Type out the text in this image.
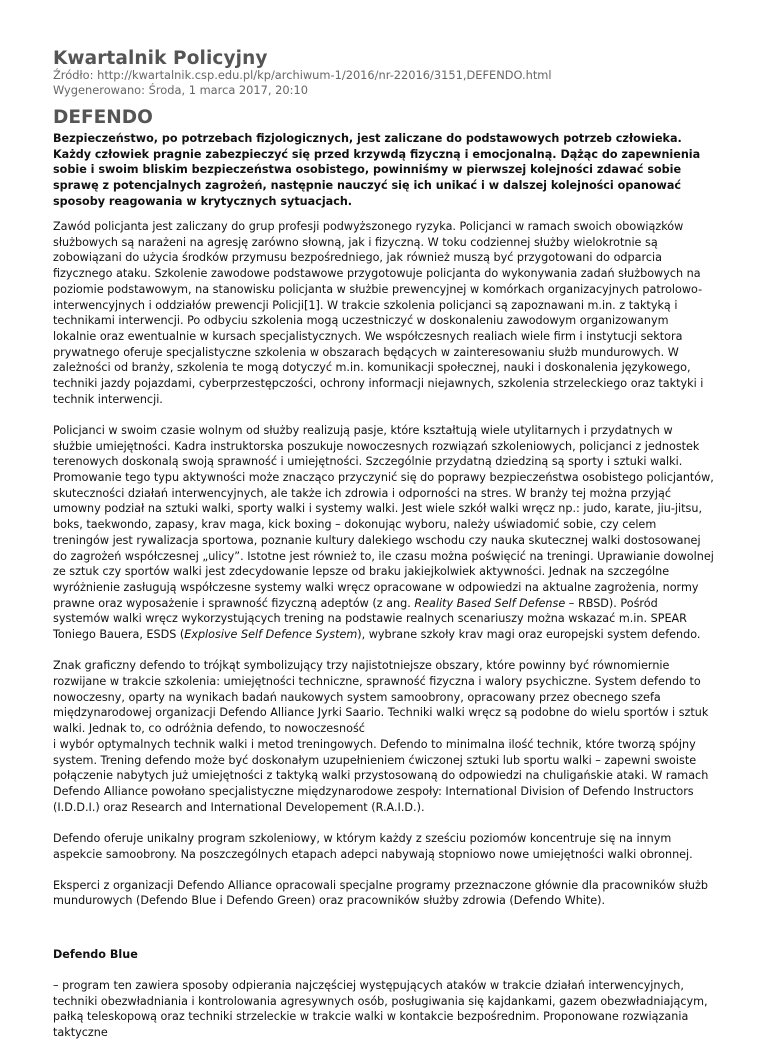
Kwartalnik Policyjny
Źródło: http://kwartalnik.csp.edu.pl/kp/archiwum-1/2016/nr-22016/3151,DEFENDO.html
Wygenerowano: Środa, 1 marca 2017, 20:10
DEFENDO

Bezpieczeństwo, po potrzebach fizjologicznych, jest zaliczane do podstawowych potrzeb człowieka. Każdy człowiek pragnie zabezpieczyć się przed krzywdą fizyczną i emocjonalną. Dążąc do zapewnienia sobie i swoim bliskim bezpieczeństwa osobistego, powinniśmy w pierwszej kolejności zdawać sobie sprawę z potencjalnych zagrożeń, następnie nauczyć się ich unikać i w dalszej kolejności opanować sposoby reagowania w krytycznych sytuacjach.

Zawód policjanta jest zaliczany do grup profesji podwyższonego ryzyka. Policjanci w ramach swoich obowiązków służbowych są narażeni na agresję zarówno słowną, jak i fizyczną. W toku codziennej służby wielokrotnie są zobowiązani do użycia środków przymusu bezpośredniego, jak również muszą być przygotowani do odparcia fizycznego ataku. Szkolenie zawodowe podstawowe przygotowuje policjanta do wykonywania zadań służbowych na poziomie podstawowym, na stanowisku policjanta w służbie prewencyjnej w komórkach organizacyjnych patrolowo-interwencyjnych i oddziałów prewencji Policji[1]. W trakcie szkolenia policjanci są zapoznawani m.in. z taktyką i technikami interwencji. Po odbyciu szkolenia mogą uczestniczyć w doskonaleniu zawodowym organizowanym lokalnie oraz ewentualnie w kursach specjalistycznych. We współczesnych realiach wiele firm i instytucji sektora prywatnego oferuje specjalistyczne szkolenia w obszarach będących w zainteresowaniu służb mundurowych. W zależności od branży, szkolenia te mogą dotyczyć m.in. komunikacji społecznej, nauki i doskonalenia językowego, techniki jazdy pojazdami, cyberprzestępczości, ochrony informacji niejawnych, szkolenia strzeleckiego oraz taktyki i technik interwencji.

Policjanci w swoim czasie wolnym od służby realizują pasje, które kształtują wiele utylitarnych i przydatnych w służbie umiejętności. Kadra instruktorska poszukuje nowoczesnych rozwiązań szkoleniowych, policjanci z jednostek terenowych doskonalą swoją sprawność i umiejętności. Szczególnie przydatną dziedziną są sporty i sztuki walki. Promowanie tego typu aktywności może znacząco przyczynić się do poprawy bezpieczeństwa osobistego policjantów, skuteczności działań interwencyjnych, ale także ich zdrowia i odporności na stres. W branży tej można przyjąć umowny podział na sztuki walki, sporty walki i systemy walki. Jest wiele szkół walki wręcz np.: judo, karate, jiu-jitsu, boks, taekwondo, zapasy, krav maga, kick boxing – dokonując wyboru, należy uświadomić sobie, czy celem treningów jest rywalizacja sportowa, poznanie kultury dalekiego wschodu czy nauka skutecznej walki dostosowanej do zagrożeń współczesnej „ulicy”. Istotne jest również to, ile czasu można poświęcić na treningi. Uprawianie dowolnej ze sztuk czy sportów walki jest zdecydowanie lepsze od braku jakiejkolwiek aktywności. Jednak na szczególne wyróżnienie zasługują współczesne systemy walki wręcz opracowane w odpowiedzi na aktualne zagrożenia, normy prawne oraz wyposażenie i sprawność fizyczną adeptów (z ang. Reality Based Self Defense – RBSD). Pośród systemów walki wręcz wykorzystujących trening na podstawie realnych scenariuszy można wskazać m.in. SPEAR Toniego Bauera, ESDS (Explosive Self Defence System), wybrane szkoły krav magi oraz europejski system defendo.

Znak graficzny defendo to trójkąt symbolizujący trzy najistotniejsze obszary, które powinny być równomiernie rozwijane w trakcie szkolenia: umiejętności techniczne, sprawność fizyczna i walory psychiczne. System defendo to nowoczesny, oparty na wynikach badań naukowych system samoobrony, opracowany przez obecnego szefa międzynarodowej organizacji Defendo Alliance Jyrki Saario. Techniki walki wręcz są podobne do wielu sportów i sztuk walki. Jednak to, co odróżnia defendo, to nowoczesność

i wybór optymalnych technik walki i metod treningowych. Defendo to minimalna ilość technik, które tworzą spójny system. Trening defendo może być doskonałym uzupełnieniem ćwiczonej sztuki lub sportu walki – zapewni swoiste połączenie nabytych już umiejętności z taktyką walki przystosowaną do odpowiedzi na chuligańskie ataki. W ramach Defendo Alliance powołano specjalistyczne międzynarodowe zespoły: International Division of Defendo Instructors (I.D.D.I.) oraz Research and International Developement (R.A.I.D.).

Defendo oferuje unikalny program szkoleniowy, w którym każdy z sześciu poziomów koncentruje się na innym aspekcie samoobrony. Na poszczególnych etapach adepci nabywają stopniowo nowe umiejętności walki obronnej.

Eksperci z organizacji Defendo Alliance opracowali specjalne programy przeznaczone głównie dla pracowników służb mundurowych (Defendo Blue i Defendo Green) oraz pracowników służby zdrowia (Defendo White).

Defendo Blue

– program ten zawiera sposoby odpierania najczęściej występujących ataków w trakcie działań interwencyjnych, techniki obezwładniania i kontrolowania agresywnych osób, posługiwania się kajdankami, gazem obezwładniającym, pałką teleskopową oraz techniki strzeleckie w trakcie walki w kontakcie bezpośrednim. Proponowane rozwiązania taktyczne
